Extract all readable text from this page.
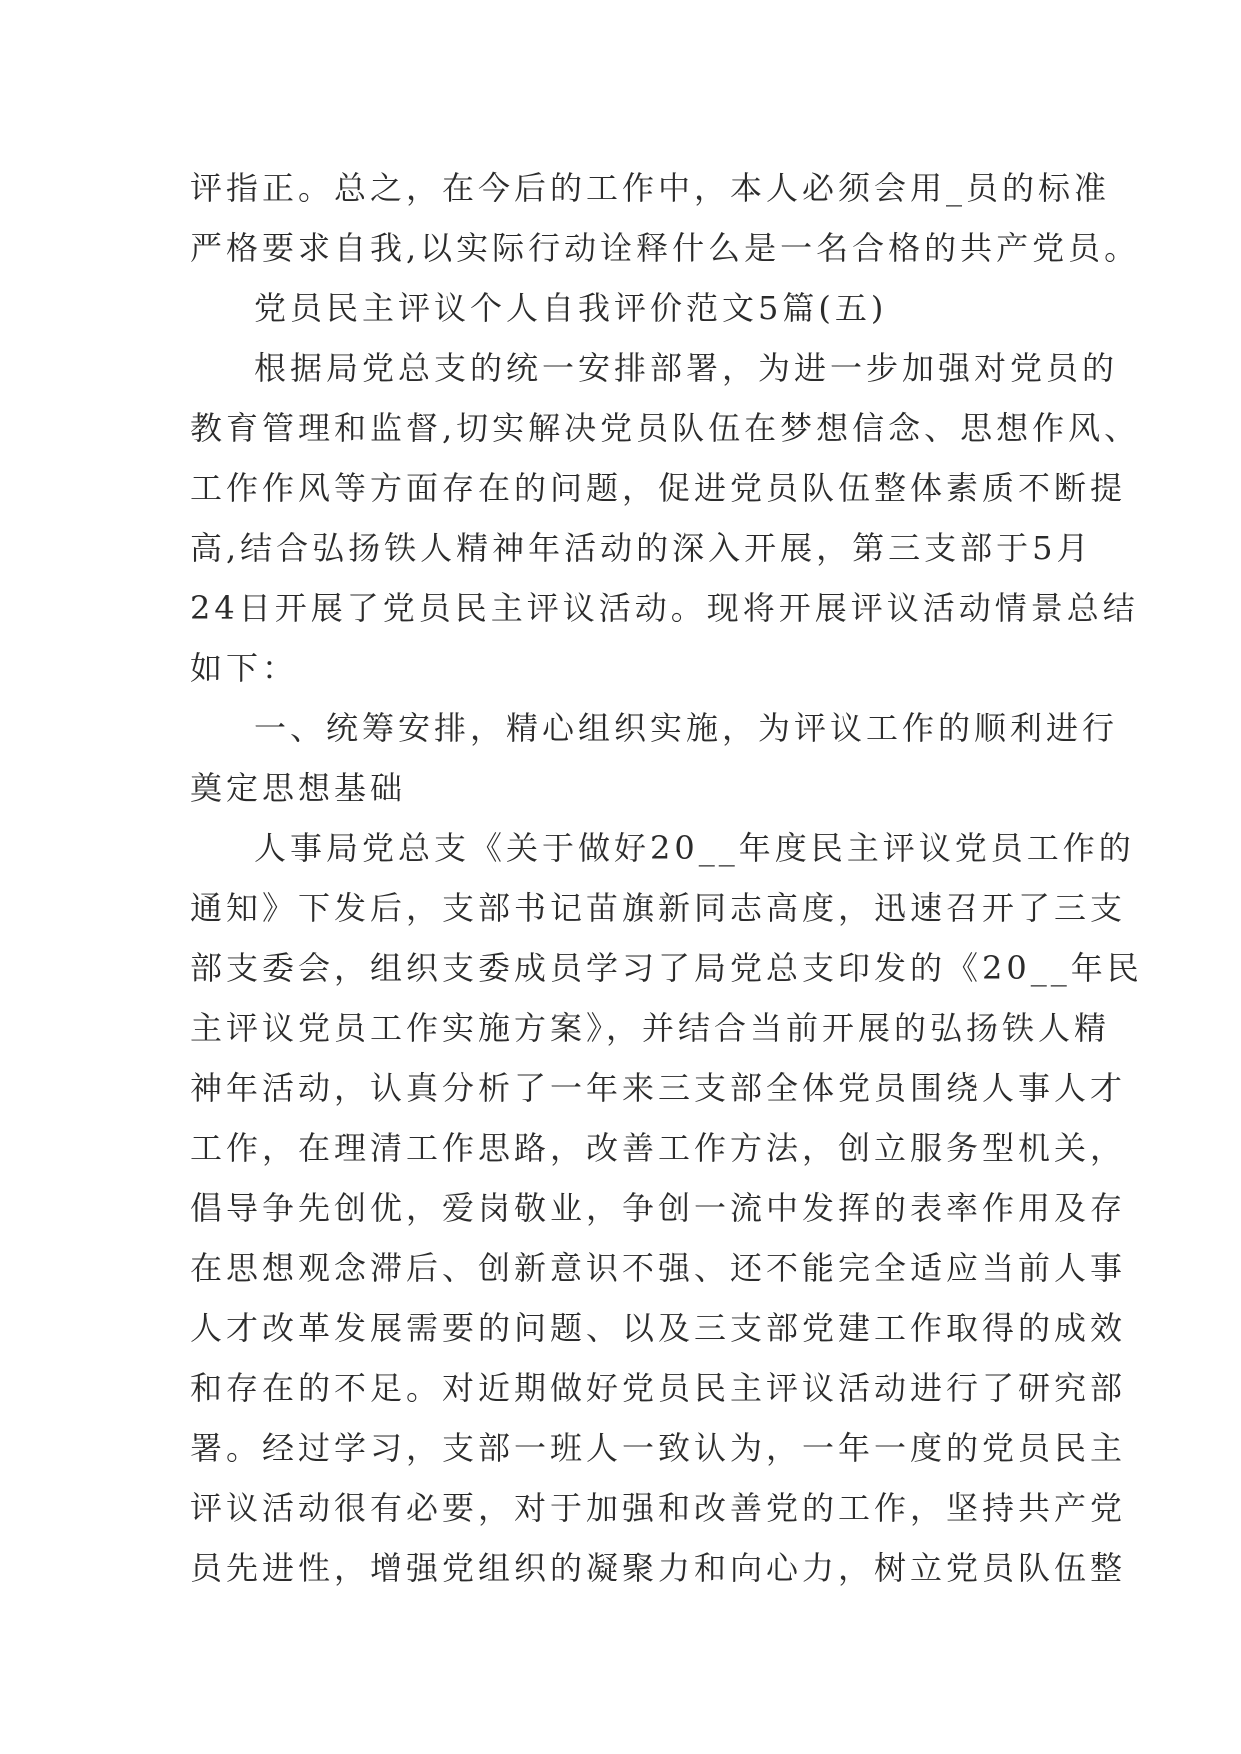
评指正。总之，在今后的工作中，本人必须会用_员的标准

严格要求自我,以实际行动诠释什么是一名合格的共产党员。

党员民主评议个人自我评价范文5篇(五)

根据局党总支的统一安排部署，为进一步加强对党员的

教育管理和监督,切实解决党员队伍在梦想信念、思想作风、

工作作风等方面存在的问题，促进党员队伍整体素质不断提

高,结合弘扬铁人精神年活动的深入开展，第三支部于5月

24日开展了党员民主评议活动。现将开展评议活动情景总结

如下：

一、统筹安排，精心组织实施，为评议工作的顺利进行

奠定思想基础

人事局党总支《关于做好20__年度民主评议党员工作的

通知》下发后，支部书记苗旗新同志高度，迅速召开了三支

部支委会，组织支委成员学习了局党总支印发的《20__年民

主评议党员工作实施方案》，并结合当前开展的弘扬铁人精

神年活动，认真分析了一年来三支部全体党员围绕人事人才

工作，在理清工作思路，改善工作方法，创立服务型机关，

倡导争先创优，爱岗敬业，争创一流中发挥的表率作用及存

在思想观念滞后、创新意识不强、还不能完全适应当前人事

人才改革发展需要的问题、以及三支部党建工作取得的成效

和存在的不足。对近期做好党员民主评议活动进行了研究部

署。经过学习，支部一班人一致认为，一年一度的党员民主

评议活动很有必要，对于加强和改善党的工作，坚持共产党

员先进性，增强党组织的凝聚力和向心力，树立党员队伍整
